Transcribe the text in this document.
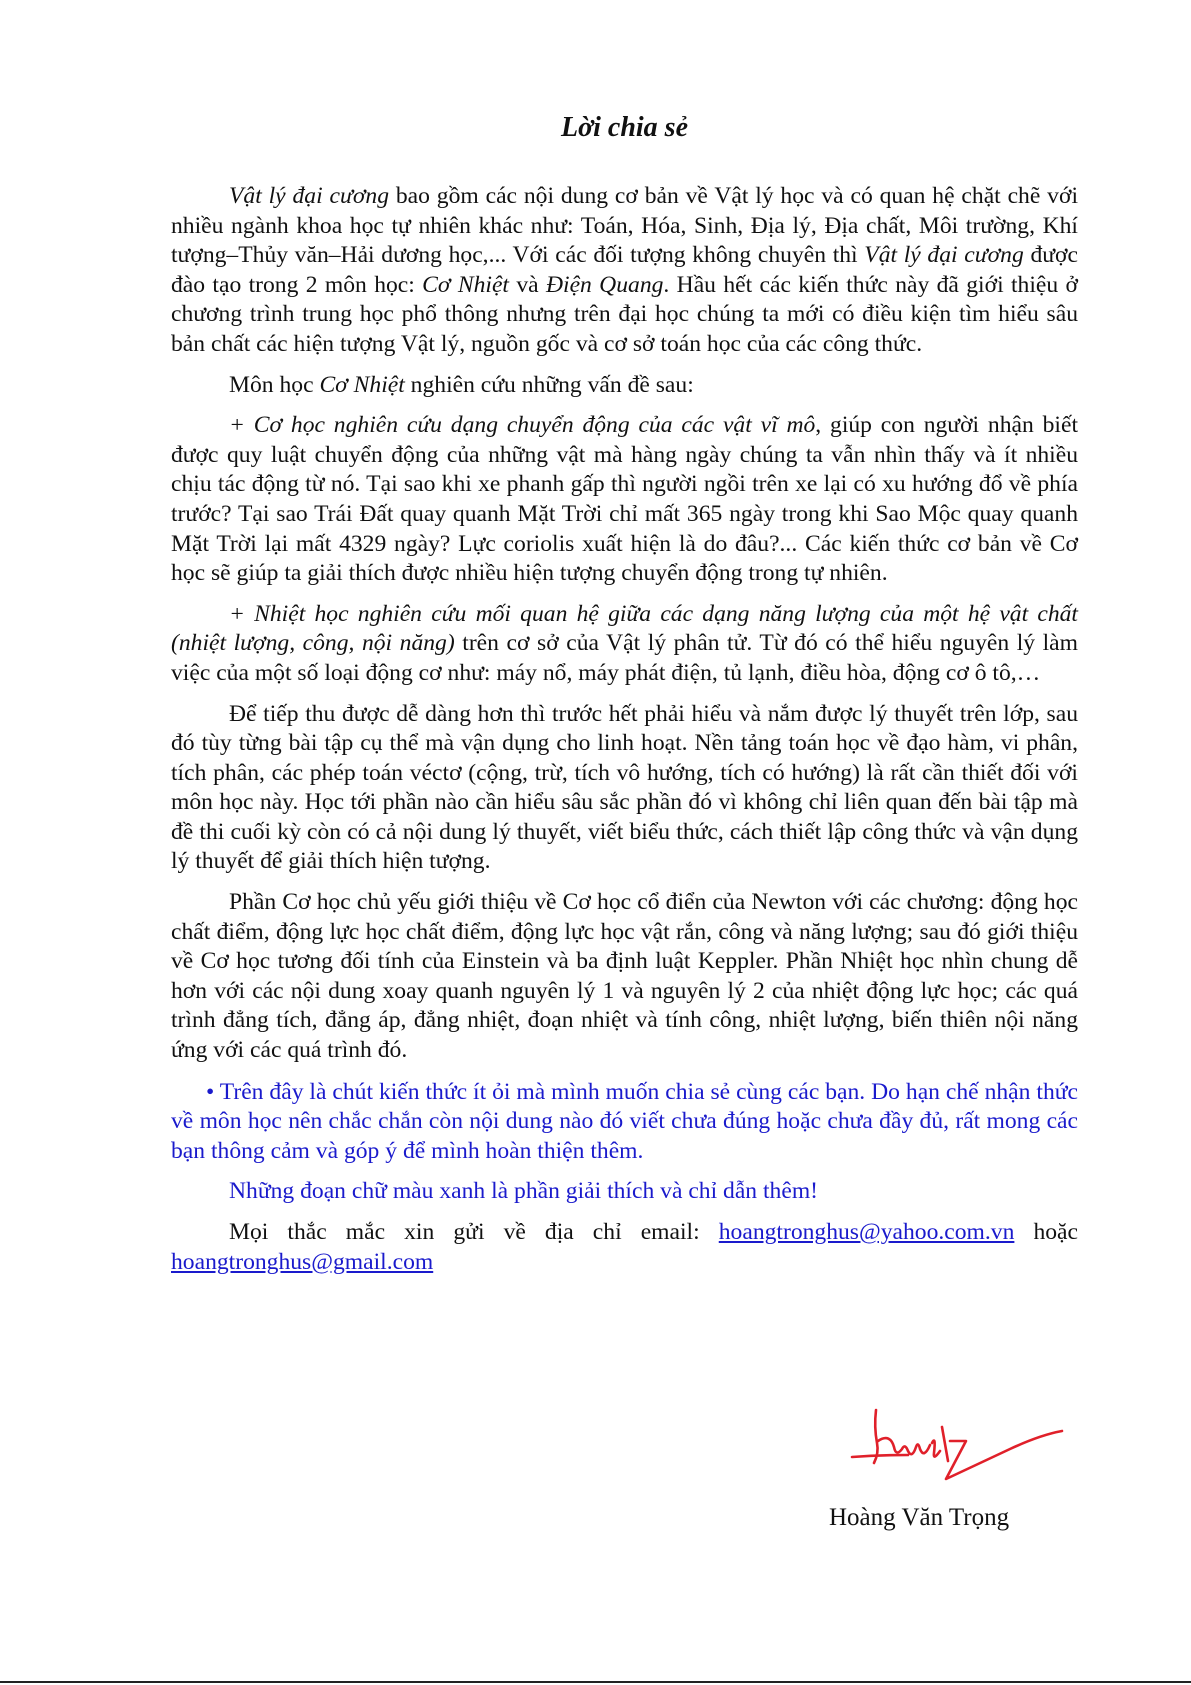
Lời chia sẻ

Vật lý đại cương bao gồm các nội dung cơ bản về Vật lý học và có quan hệ chặt chẽ với nhiều ngành khoa học tự nhiên khác như: Toán, Hóa, Sinh, Địa lý, Địa chất, Môi trường, Khí tượng–Thủy văn–Hải dương học,... Với các đối tượng không chuyên thì Vật lý đại cương được đào tạo trong 2 môn học: Cơ Nhiệt và Điện Quang. Hầu hết các kiến thức này đã giới thiệu ở chương trình trung học phổ thông nhưng trên đại học chúng ta mới có điều kiện tìm hiểu sâu bản chất các hiện tượng Vật lý, nguồn gốc và cơ sở toán học của các công thức.

Môn học Cơ Nhiệt nghiên cứu những vấn đề sau:

+ Cơ học nghiên cứu dạng chuyển động của các vật vĩ mô, giúp con người nhận biết được quy luật chuyển động của những vật mà hàng ngày chúng ta vẫn nhìn thấy và ít nhiều chịu tác động từ nó. Tại sao khi xe phanh gấp thì người ngồi trên xe lại có xu hướng đổ về phía trước? Tại sao Trái Đất quay quanh Mặt Trời chỉ mất 365 ngày trong khi Sao Mộc quay quanh Mặt Trời lại mất 4329 ngày? Lực coriolis xuất hiện là do đâu?... Các kiến thức cơ bản về Cơ học sẽ giúp ta giải thích được nhiều hiện tượng chuyển động trong tự nhiên.

+ Nhiệt học nghiên cứu mối quan hệ giữa các dạng năng lượng của một hệ vật chất (nhiệt lượng, công, nội năng) trên cơ sở của Vật lý phân tử. Từ đó có thể hiểu nguyên lý làm việc của một số loại động cơ như: máy nổ, máy phát điện, tủ lạnh, điều hòa, động cơ ô tô,…

Để tiếp thu được dễ dàng hơn thì trước hết phải hiểu và nắm được lý thuyết trên lớp, sau đó tùy từng bài tập cụ thể mà vận dụng cho linh hoạt. Nền tảng toán học về đạo hàm, vi phân, tích phân, các phép toán véctơ (cộng, trừ, tích vô hướng, tích có hướng) là rất cần thiết đối với môn học này. Học tới phần nào cần hiểu sâu sắc phần đó vì không chỉ liên quan đến bài tập mà đề thi cuối kỳ còn có cả nội dung lý thuyết, viết biểu thức, cách thiết lập công thức và vận dụng lý thuyết để giải thích hiện tượng.

Phần Cơ học chủ yếu giới thiệu về Cơ học cổ điển của Newton với các chương: động học chất điểm, động lực học chất điểm, động lực học vật rắn, công và năng lượng; sau đó giới thiệu về Cơ học tương đối tính của Einstein và ba định luật Keppler. Phần Nhiệt học nhìn chung dễ hơn với các nội dung xoay quanh nguyên lý 1 và nguyên lý 2 của nhiệt động lực học; các quá trình đẳng tích, đẳng áp, đẳng nhiệt, đoạn nhiệt và tính công, nhiệt lượng, biến thiên nội năng ứng với các quá trình đó.

• Trên đây là chút kiến thức ít ỏi mà mình muốn chia sẻ cùng các bạn. Do hạn chế nhận thức về môn học nên chắc chắn còn nội dung nào đó viết chưa đúng hoặc chưa đầy đủ, rất mong các bạn thông cảm và góp ý để mình hoàn thiện thêm.

Những đoạn chữ màu xanh là phần giải thích và chỉ dẫn thêm!

Mọi thắc mắc xin gửi về địa chỉ email: hoangtronghus@yahoo.com.vn hoặc hoangtronghus@gmail.com

Hoàng Văn Trọng
